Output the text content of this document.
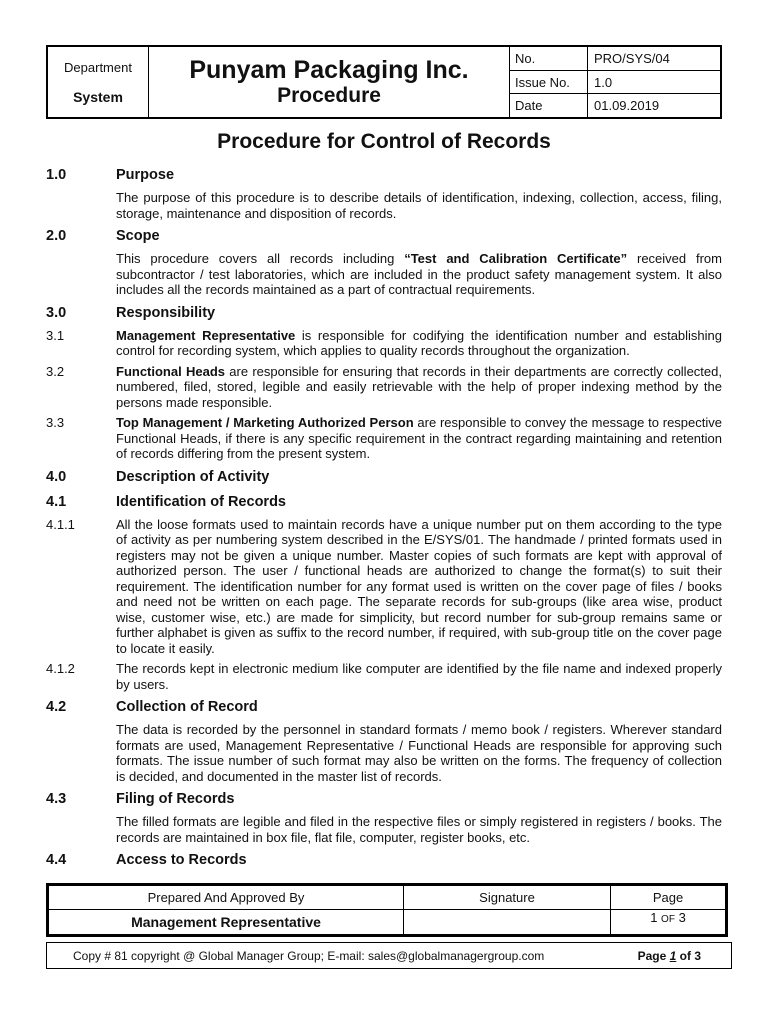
Department
System
Punyam Packaging Inc.
Procedure
No.	PRO/SYS/04
Issue No.	1.0
Date	01.09.2019
Procedure for Control of Records
1.0	Purpose
The purpose of this procedure is to describe details of identification, indexing, collection, access, filing, storage, maintenance and disposition of records.
2.0	Scope
This procedure covers all records including “Test and Calibration Certificate” received from subcontractor / test laboratories, which are included in the product safety management system. It also includes all the records maintained as a part of contractual requirements.
3.0	Responsibility
3.1	Management Representative is responsible for codifying the identification number and establishing control for recording system, which applies to quality records throughout the organization.
3.2	Functional Heads are responsible for ensuring that records in their departments are correctly collected, numbered, filed, stored, legible and easily retrievable with the help of proper indexing method by the persons made responsible.
3.3	Top Management / Marketing Authorized Person are responsible to convey the message to respective Functional Heads, if there is any specific requirement in the contract regarding maintaining and retention of records differing from the present system.
4.0	Description of Activity
4.1	Identification of Records
4.1.1	All the loose formats used to maintain records have a unique number put on them according to the type of activity as per numbering system described in the E/SYS/01. The handmade / printed formats used in registers may not be given a unique number. Master copies of such formats are kept with approval of authorized person. The user / functional heads are authorized to change the format(s) to suit their requirement. The identification number for any format used is written on the cover page of files / books and need not be written on each page. The separate records for sub-groups (like area wise, product wise, customer wise, etc.) are made for simplicity, but record number for sub-group remains same or further alphabet is given as suffix to the record number, if required, with sub-group title on the cover page to locate it easily.
4.1.2	The records kept in electronic medium like computer are identified by the file name and indexed properly by users.
4.2	Collection of Record
The data is recorded by the personnel in standard formats / memo book / registers. Wherever standard formats are used, Management Representative / Functional Heads are responsible for approving such formats. The issue number of such format may also be written on the forms. The frequency of collection is decided, and documented in the master list of records.
4.3	Filing of Records
The filled formats are legible and filed in the respective files or simply registered in registers / books. The records are maintained in box file, flat file, computer, register books, etc.
4.4	Access to Records
Prepared And Approved By	Signature	Page
Management Representative		1 OF 3
Copy # 81 copyright @ Global Manager Group; E-mail: sales@globalmanagergroup.com	Page 1 of 3
